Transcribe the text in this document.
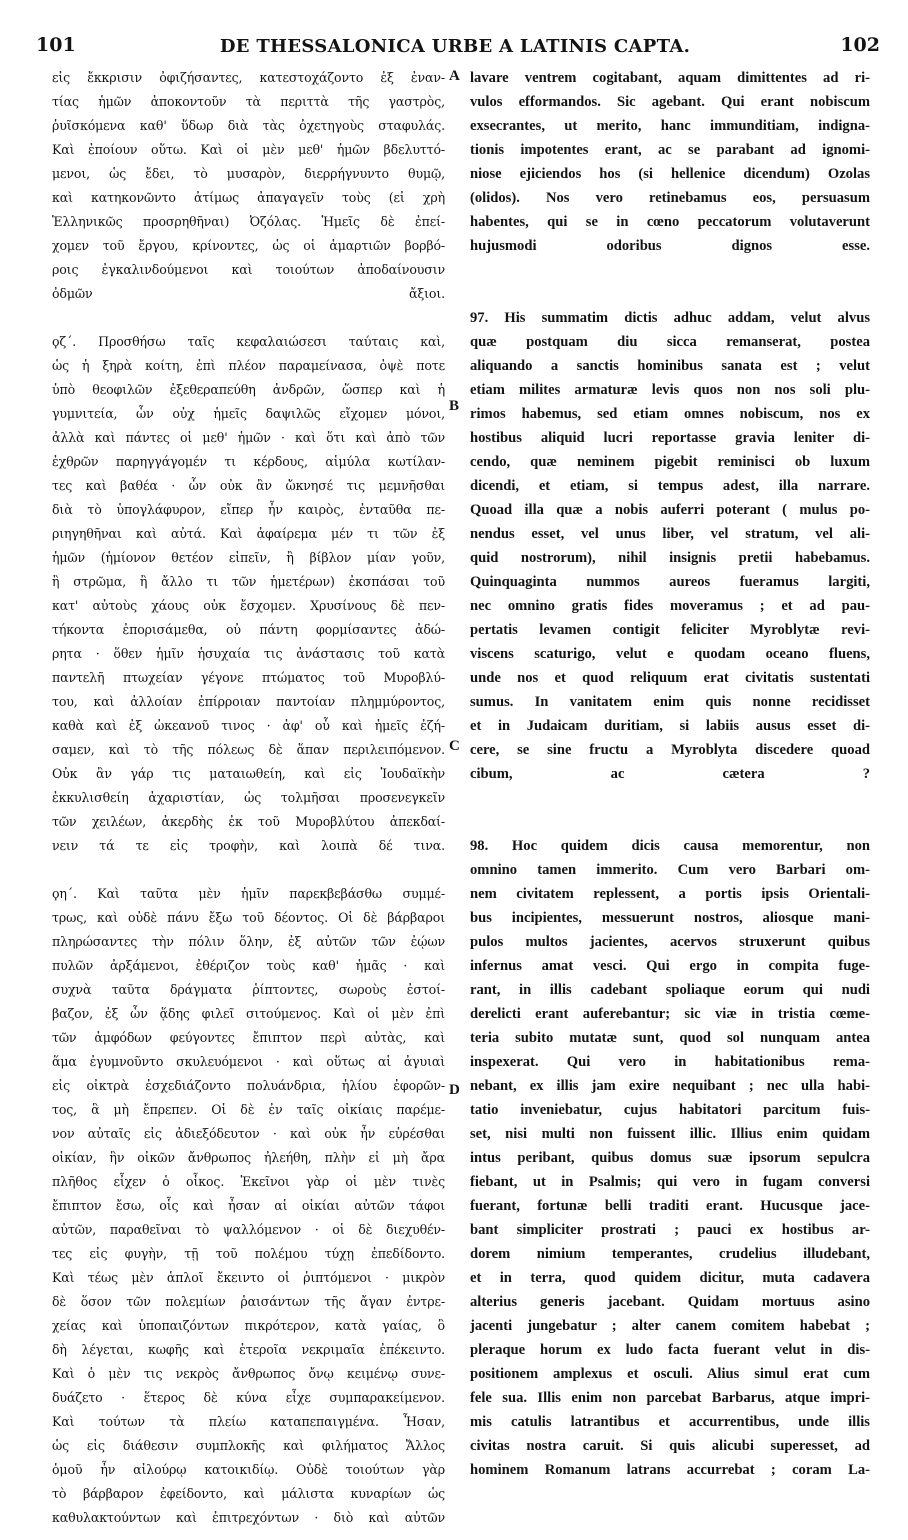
101	DE THESSALONICA URBE A LATINIS CAPTA.	102
A
B
C
D

εἰς ἔκκρισιν ὀφιζήσαντες, κατεστοχάζοντο ἐξ ἐναν-

τίας ἡμῶν ἀποκοντοῦν τὰ περιττὰ τῆς γαστρὸς,

ῥυῖσκόμενα καθ' ὕδωρ διὰ τὰς ὀχετηγοὺς σταφυλάς.

Καὶ ἐποίουν οὕτω. Καὶ οἱ μὲν μεθ' ἡμῶν βδελυττό-

μενοι, ὡς ἔδει, τὸ μυσαρὸν, διερρήγνυντο θυμῷ,

καὶ κατηκονῶντο ἀτίμως ἀπαγαγεῖν τοὺς (εἰ χρὴ

Ἑλληνικῶς προσρηθῆναι) Ὀζόλας. Ἡμεῖς δὲ ἐπεί-

χομεν τοῦ ἔργου, κρίνοντες, ὡς οἱ ἁμαρτιῶν βορβό-

ροις ἐγκαλινδούμενοι καὶ τοιούτων ἀποδαίνουσιν

ὀδμῶν ἄξιοι.

ϙζ΄. Προσθήσω ταῖς κεφαλαιώσεσι ταύταις καὶ,

ὡς ἡ ξηρὰ κοίτη, ἐπὶ πλέον παραμείνασα, ὀψὲ ποτε

ὑπὸ θεοφιλῶν ἐξεθεραπεύθη ἀνδρῶν, ὥσπερ καὶ ἡ

γυμνιτεία, ὧν οὐχ ἡμεῖς δαψιλῶς εἴχομεν μόνοι,

ἀλλὰ καὶ πάντες οἱ μεθ' ἡμῶν · καὶ ὅτι καὶ ἀπὸ τῶν

ἐχθρῶν παρηγγάγομέν τι κέρδους, αἱμύλα κωτίλαν-

τες καὶ βαθέα · ὧν οὐκ ἂν ὤκνησέ τις μεμνῆσθαι

διὰ τὸ ὑπογλάφυρον, εἴπερ ἦν καιρὸς, ἐνταῦθα πε-

ριηγηθῆναι καὶ αὐτά. Καὶ ἀφαίρεμα μέν τι τῶν ἐξ

ἡμῶν (ἡμίονον θετέον εἰπεῖν, ἢ βίβλον μίαν γοῦν,

ἢ στρῶμα, ἢ ἄλλο τι τῶν ἡμετέρων) ἐκσπάσαι τοῦ

κατ' αὐτοὺς χάους οὐκ ἔσχομεν. Χρυσίνους δὲ πεν-

τήκοντα ἐπορισάμεθα, οὐ πάντη φορμίσαντες ἀδώ-

ρητα · ὅθεν ἡμῖν ἡσυχαία τις ἀνάστασις τοῦ κατὰ

παντελῆ πτωχείαν γέγονε πτώματος τοῦ Μυροβλύ-

του, καὶ ἀλλοίαν ἐπίρροιαν παντοίαν πλημμύροντος,

καθὰ καὶ ἐξ ὠκεανοῦ τινος · ἀφ' οὗ καὶ ἡμεῖς ἐζή-

σαμεν, καὶ τὸ τῆς πόλεως δὲ ἅπαν περιλειπόμενον.

Οὐκ ἂν γάρ τις ματαιωθείη, καὶ εἰς Ἰουδαϊκὴν

ἐκκυλισθείη ἀχαριστίαν, ὡς τολμῆσαι προσενεγκεῖν

τῶν χειλέων, ἀκερδὴς ἐκ τοῦ Μυροβλύτου ἀπεκδαί-

νειν τά τε εἰς τροφὴν, καὶ λοιπὰ δέ τινα.

ϙη΄. Καὶ ταῦτα μὲν ἡμῖν παρεκβεβάσθω συμμέ-

τρως, καὶ οὐδὲ πάνυ ἔξω τοῦ δέοντος. Οἱ δὲ βάρβαροι

πληρώσαντες τὴν πόλιν ὅλην, ἐξ αὐτῶν τῶν ἐῴων

πυλῶν ἀρξάμενοι, ἐθέριζον τοὺς καθ' ἡμᾶς · καὶ

συχνὰ ταῦτα δράγματα ῥίπτοντες, σωροὺς ἐστοί-

βαζον, ἐξ ὧν ᾅδης φιλεῖ σιτούμενος. Καὶ οἱ μὲν ἐπὶ

τῶν ἀμφόδων φεύγοντες ἔπιπτον περὶ αὐτὰς, καὶ

ἅμα ἐγυμνοῦντο σκυλευόμενοι · καὶ οὕτως αἱ ἀγυιαὶ

εἰς οἰκτρὰ ἐσχεδιάζοντο πολυάνδρια, ἡλίου ἐφορῶν-

τος, ἃ μὴ ἔπρεπεν. Οἱ δὲ ἐν ταῖς οἰκίαις παρέμε-

νον αὐταῖς εἰς ἀδιεξόδευτον · καὶ οὐκ ἦν εὑρέσθαι

οἰκίαν, ἣν οἰκῶν ἄνθρωπος ἠλεήθη, πλὴν εἰ μὴ ἄρα

πλῆθος εἶχεν ὁ οἶκος. Ἐκεῖνοι γὰρ οἱ μὲν τινὲς

ἔπιπτον ἔσω, οἷς καὶ ἦσαν αἱ οἰκίαι αὐτῶν τάφοι

αὐτῶν, παραθεῖναι τὸ ψαλλόμενον · οἱ δὲ διεχυθέν-

τες εἰς φυγὴν, τῇ τοῦ πολέμου τύχῃ ἐπεδίδοντο.

Καὶ τέως μὲν ἁπλοῖ ἔκειντο οἱ ῥιπτόμενοι · μικρὸν

δὲ ὅσον τῶν πολεμίων ῥαισάντων τῆς ἄγαν ἐντρε-

χείας καὶ ὑποπαιζόντων πικρότερον, κατὰ γαίας, ὃ

δὴ λέγεται, κωφῆς καὶ ἑτεροῖα νεκριμαῖα ἐπέκειντο.

Καὶ ὁ μὲν τις νεκρὸς ἄνθρωπος ὄνῳ κειμένῳ συνε-

δυάζετο · ἕτερος δὲ κύνα εἶχε συμπαρακείμενον.

Καὶ τούτων τὰ πλείω καταπεπαιγμένα. Ἦσαν,

ὡς εἰς διάθεσιν συμπλοκῆς καὶ φιλήματος Ἄλλος

ὁμοῦ ἦν αἰλούρῳ κατοικιδίῳ. Οὐδὲ τοιούτων γὰρ

τὸ βάρβαρον ἐφείδοντο, καὶ μάλιστα κυναρίων ὡς

καθυλακτούντων καὶ ἐπιτρεχόντων · διὸ καὶ αὐτῶν

lavare ventrem cogitabant, aquam dimittentes ad ri-

vulos efformandos. Sic agebant. Qui erant nobiscum

exsecrantes, ut merito, hanc immunditiam, indigna-

tionis impotentes erant, ac se parabant ad ignomi-

niose ejiciendos hos (si hellenice dicendum) Ozolas

(olidos). Nos vero retinebamus eos, persuasum

habentes, qui se in cœno peccatorum volutaverunt

hujusmodi odoribus dignos esse.

97. His summatim dictis adhuc addam, velut alvus

quæ postquam diu sicca remanserat, postea

aliquando a sanctis hominibus sanata est ; velut

etiam milites armaturæ levis quos non nos soli plu-

rimos habemus, sed etiam omnes nobiscum, nos ex

hostibus aliquid lucri reportasse gravia leniter di-

cendo, quæ neminem pigebit reminisci ob luxum

dicendi, et etiam, si tempus adest, illa narrare.

Quoad illa quæ a nobis auferri poterant ( mulus po-

nendus esset, vel unus liber, vel stratum, vel ali-

quid nostrorum), nihil insignis pretii habebamus.

Quinquaginta nummos aureos fueramus largiti,

nec omnino gratis fides moveramus ; et ad pau-

pertatis levamen contigit feliciter Myroblytæ revi-

viscens scaturigo, velut e quodam oceano fluens,

unde nos et quod reliquum erat civitatis sustentati

sumus. In vanitatem enim quis nonne recidisset

et in Judaicam duritiam, si labiis ausus esset di-

cere, se sine fructu a Myroblyta discedere quoad

cibum, ac cætera ?

98. Hoc quidem dicis causa memorentur, non

omnino tamen immerito. Cum vero Barbari om-

nem civitatem replessent, a portis ipsis Orientali-

bus incipientes, messuerunt nostros, aliosque mani-

pulos multos jacientes, acervos struxerunt quibus

infernus amat vesci. Qui ergo in compita fuge-

rant, in illis cadebant spoliaque eorum qui nudi

derelicti erant auferebantur; sic viæ in tristia cœme-

teria subito mutatæ sunt, quod sol nunquam antea

inspexerat. Qui vero in habitationibus rema-

nebant, ex illis jam exire nequibant ; nec ulla habi-

tatio inveniebatur, cujus habitatori parcitum fuis-

set, nisi multi non fuissent illic. Illius enim quidam

intus peribant, quibus domus suæ ipsorum sepulcra

fiebant, ut in Psalmis; qui vero in fugam conversi

fuerant, fortunæ belli traditi erant. Hucusque jace-

bant simpliciter prostrati ; pauci ex hostibus ar-

dorem nimium temperantes, crudelius illudebant,

et in terra, quod quidem dicitur, muta cadavera

alterius generis jacebant. Quidam mortuus asino

jacenti jungebatur ; alter canem comitem habebat ;

pleraque horum ex ludo facta fuerant velut in dis-

positionem amplexus et osculi. Alius simul erat cum

fele sua. Illis enim non parcebat Barbarus, atque impri-

mis catulis latrantibus et accurrentibus, unde illis

civitas nostra caruit. Si quis alicubi superesset, ad

hominem Romanum latrans accurrebat ; coram La-
